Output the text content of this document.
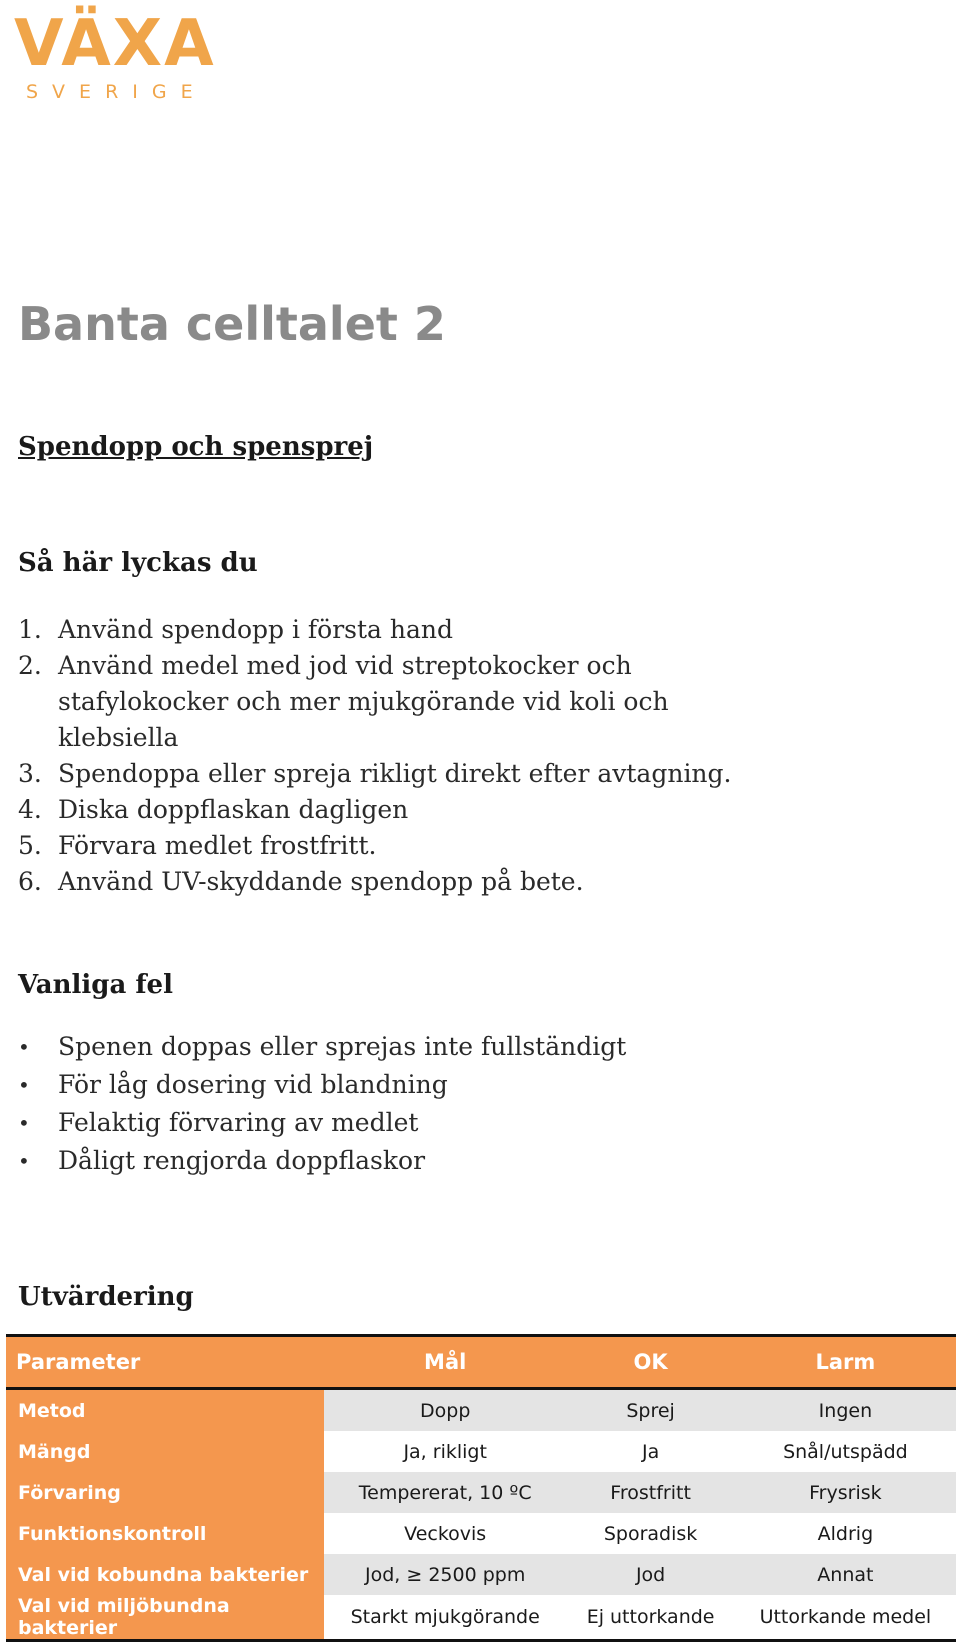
VÄXA
SVERIGE
Banta celltalet 2
Spendopp och spensprej
Så här lyckas du
1. Använd spendopp i första hand
2. Använd medel med jod vid streptokocker och stafylokocker och mer mjukgörande vid koli och klebsiella
3. Spendoppa eller spreja rikligt direkt efter avtagning.
4. Diska doppflaskan dagligen
5. Förvara medlet frostfritt.
6. Använd UV-skyddande spendopp på bete.
Vanliga fel
•	Spenen doppas eller sprejas inte fullständigt
•	För låg dosering vid blandning
•	Felaktig förvaring av medlet
•	Dåligt rengjorda doppflaskor
Utvärdering
Parameter	Mål	OK	Larm
Metod	Dopp	Sprej	Ingen
Mängd	Ja, rikligt	Ja	Snål/utspädd
Förvaring	Tempererat, 10 ºC	Frostfritt	Frysrisk
Funktionskontroll	Veckovis	Sporadisk	Aldrig
Val vid kobundna bakterier	Jod, ≥ 2500 ppm	Jod	Annat
Val vid miljöbundna bakterier	Starkt mjukgörande	Ej uttorkande	Uttorkande medel
